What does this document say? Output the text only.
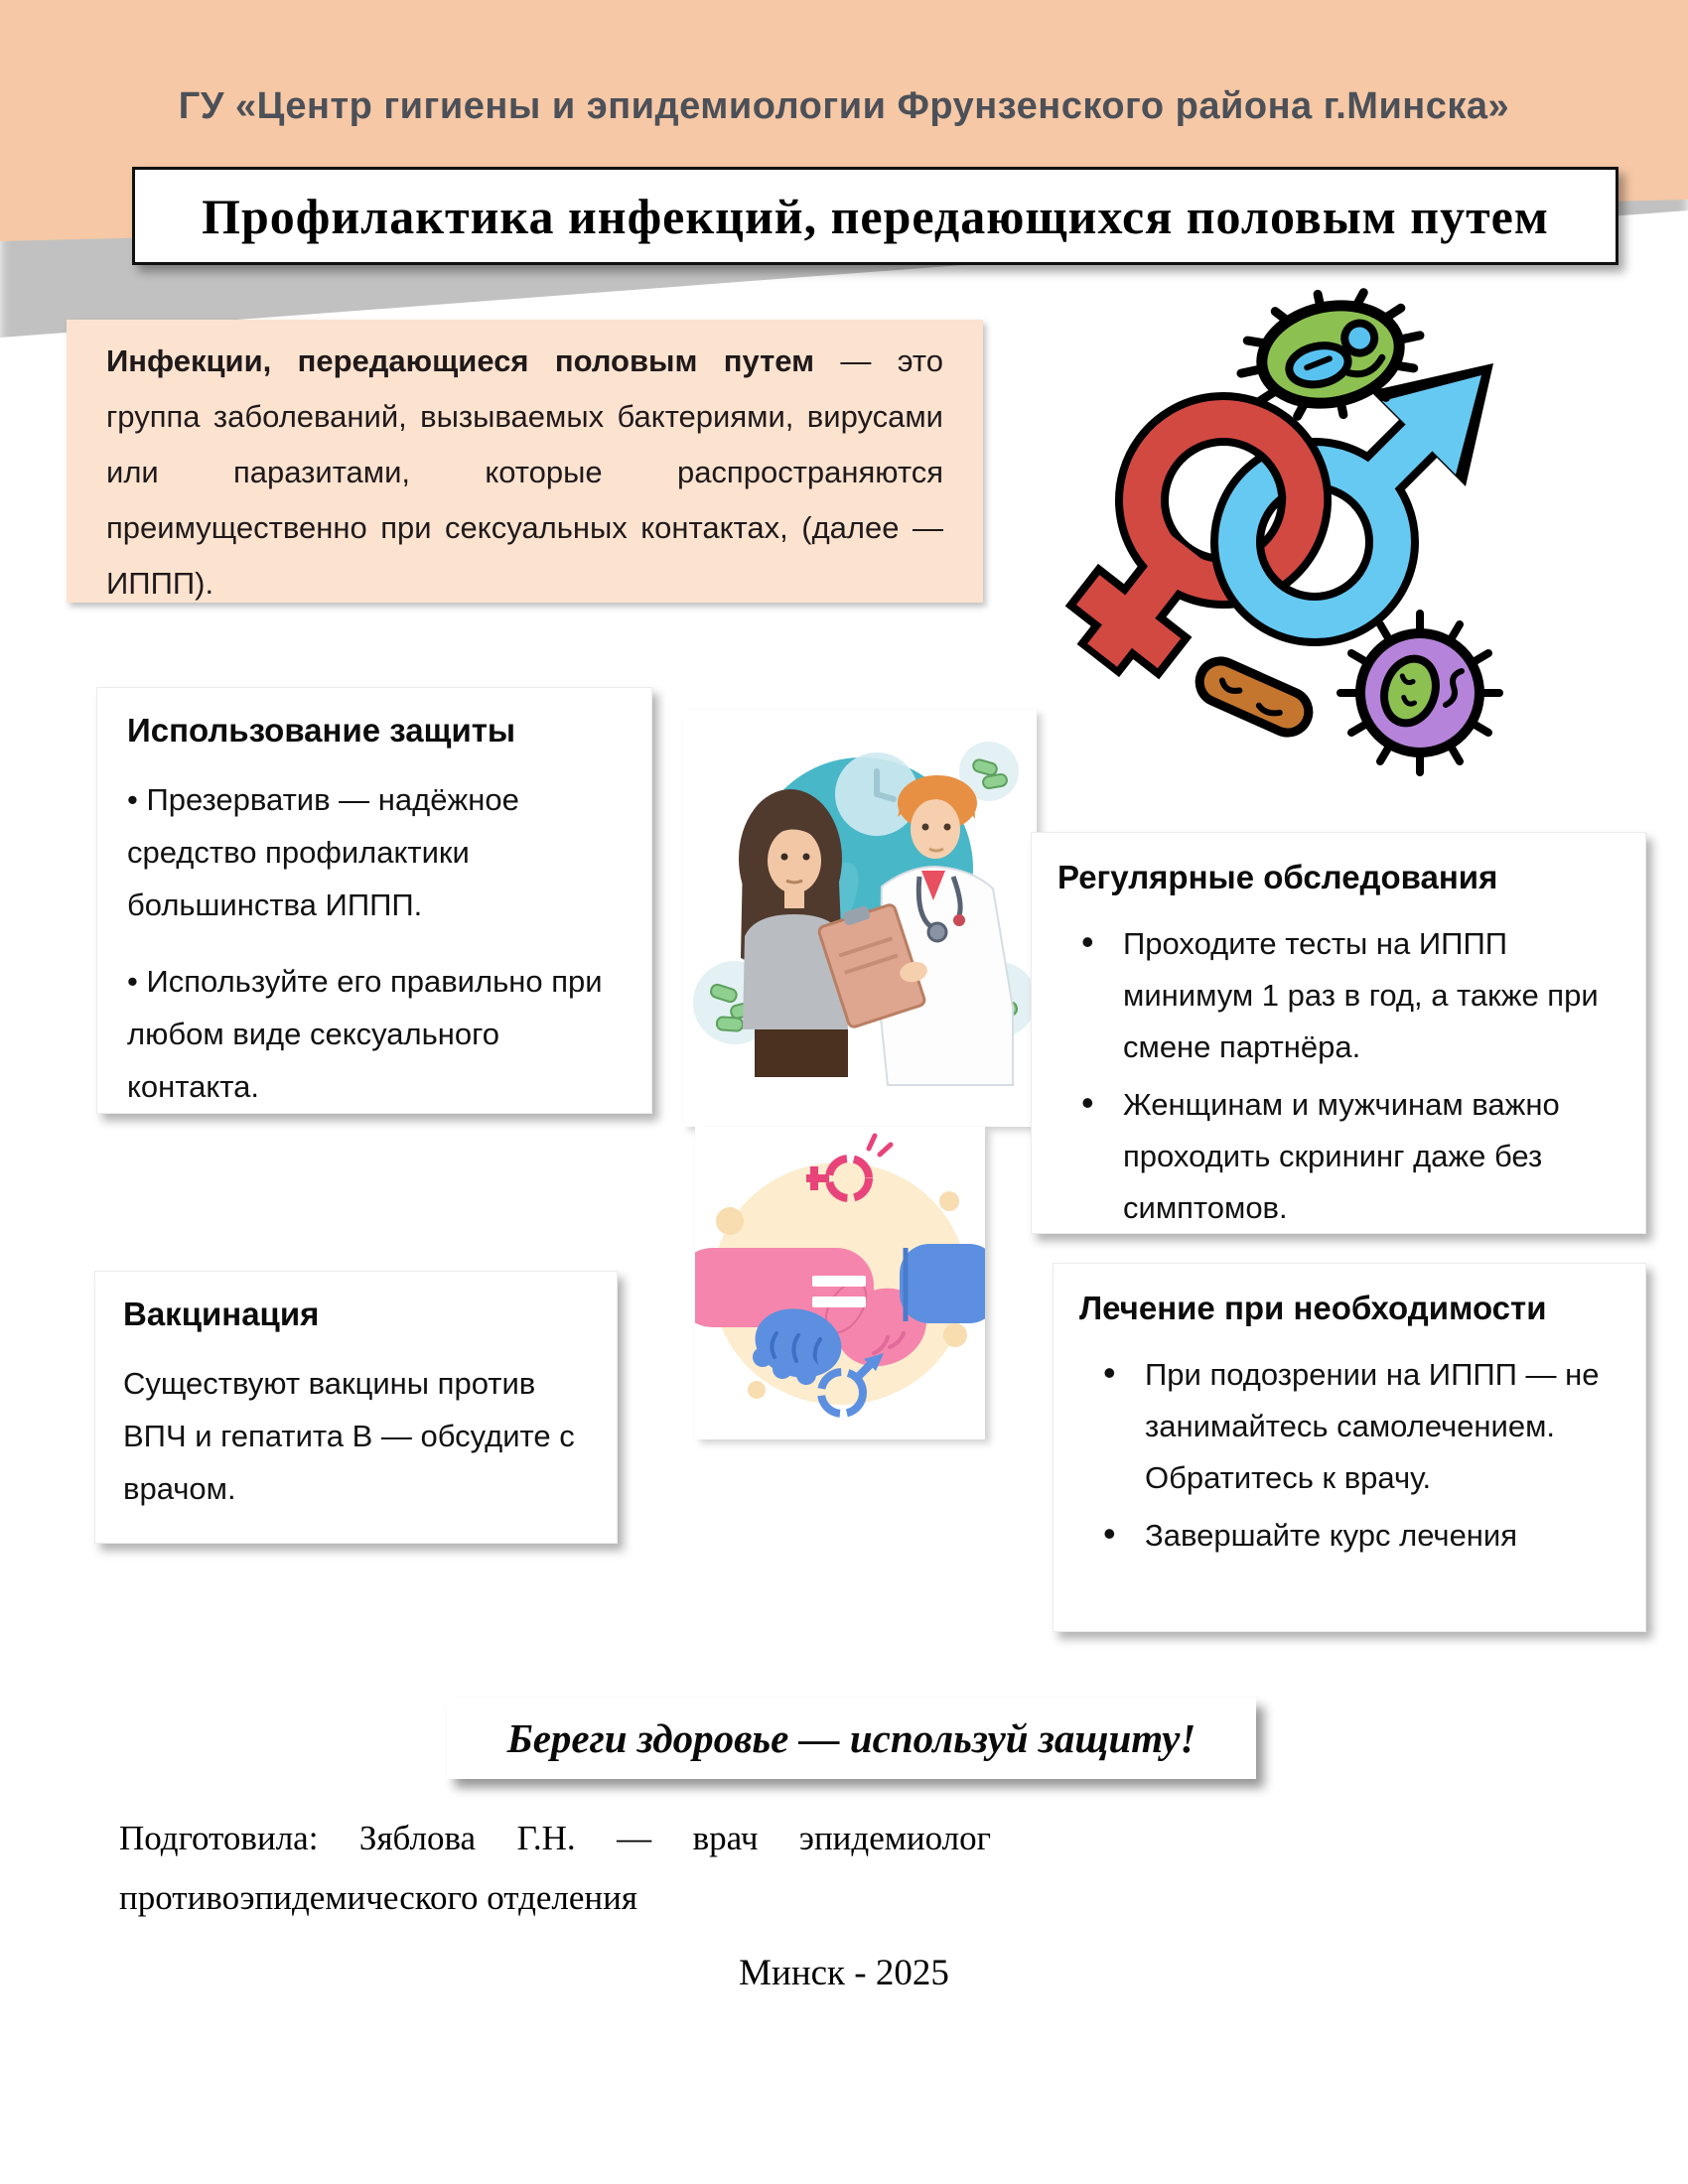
ГУ «Центр гигиены и эпидемиологии Фрунзенского района г.Минска»
Профилактика инфекций, передающихся половым путем

Инфекции, передающиеся половым путем — это группа заболеваний, вызываемых бактериями, вирусами или паразитами, которые распространяются преимущественно при сексуальных контактах, (далее — ИППП).

Использование защиты

• Презерватив — надёжное средство профилактики большинства ИППП.

• Используйте его правильно при любом виде сексуального контакта.

Регулярные обследования
• Проходите тесты на ИППП минимум 1 раз в год, а также при смене партнёра.
• Женщинам и мужчинам важно проходить скрининг даже без симптомов.
Вакцинация

Существуют вакцины против ВПЧ и гепатита В — обсудите с врачом.

Лечение при необходимости
• При подозрении на ИППП — не занимайтесь самолечением. Обратитесь к врачу.
• Завершайте курс лечения
Береги здоровье — используй защиту!
Подготовила: Зяблова Г.Н. — врач эпидемиолог
противоэпидемического отделения
Минск - 2025
